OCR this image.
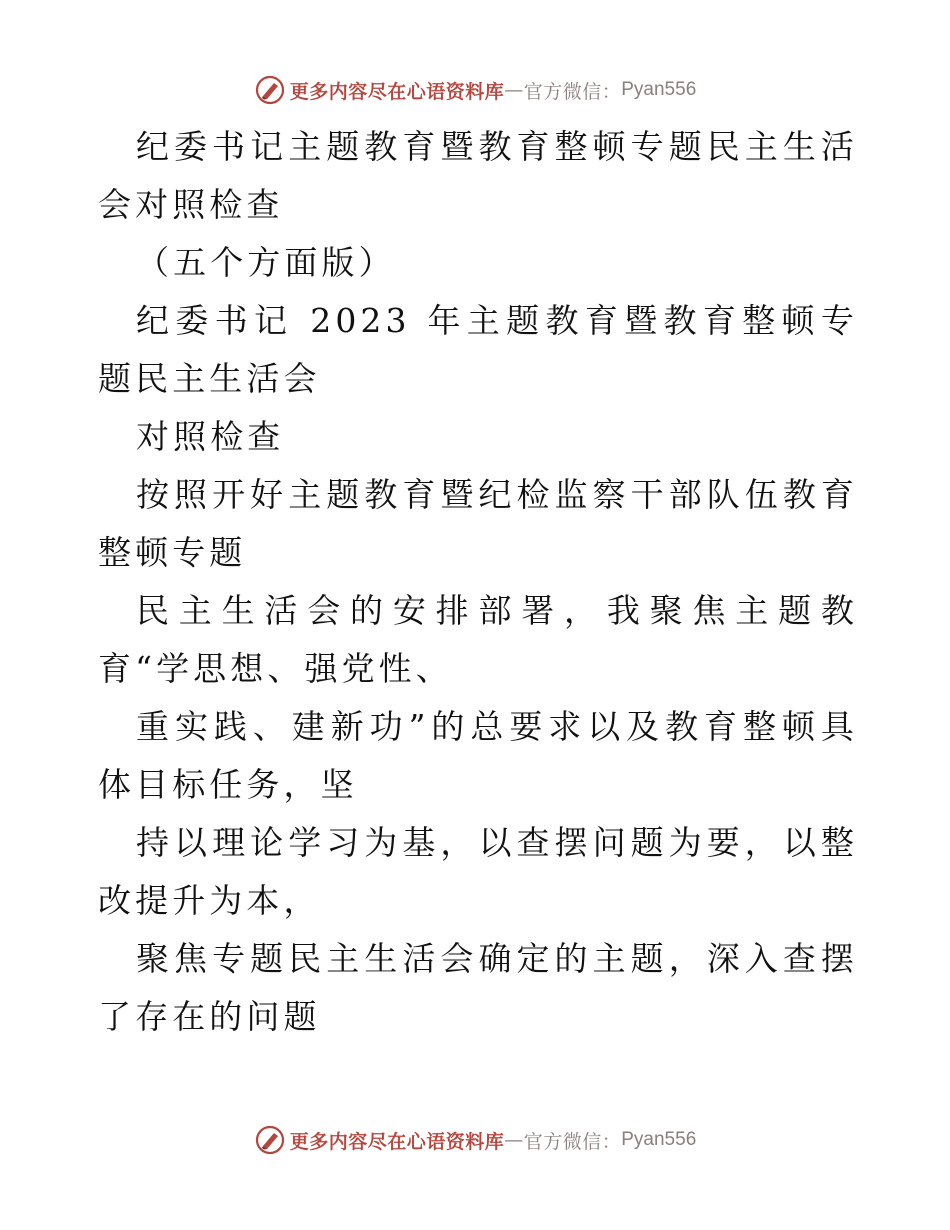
更多内容尽在心语资料库 — 官方微信： Pyan556

纪委书记主题教育暨教育整顿专题民主生活会对照检查

（五个方面版）

纪委书记 2023 年主题教育暨教育整顿专题民主生活会

对照检查

按照开好主题教育暨纪检监察干部队伍教育整顿专题

民主生活会的安排部署，我聚焦主题教育“学思想、强党性、

重实践、建新功”的总要求以及教育整顿具体目标任务，坚

持以理论学习为基，以查摆问题为要，以整改提升为本，

聚焦专题民主生活会确定的主题，深入查摆了存在的问题

更多内容尽在心语资料库 — 官方微信： Pyan556
